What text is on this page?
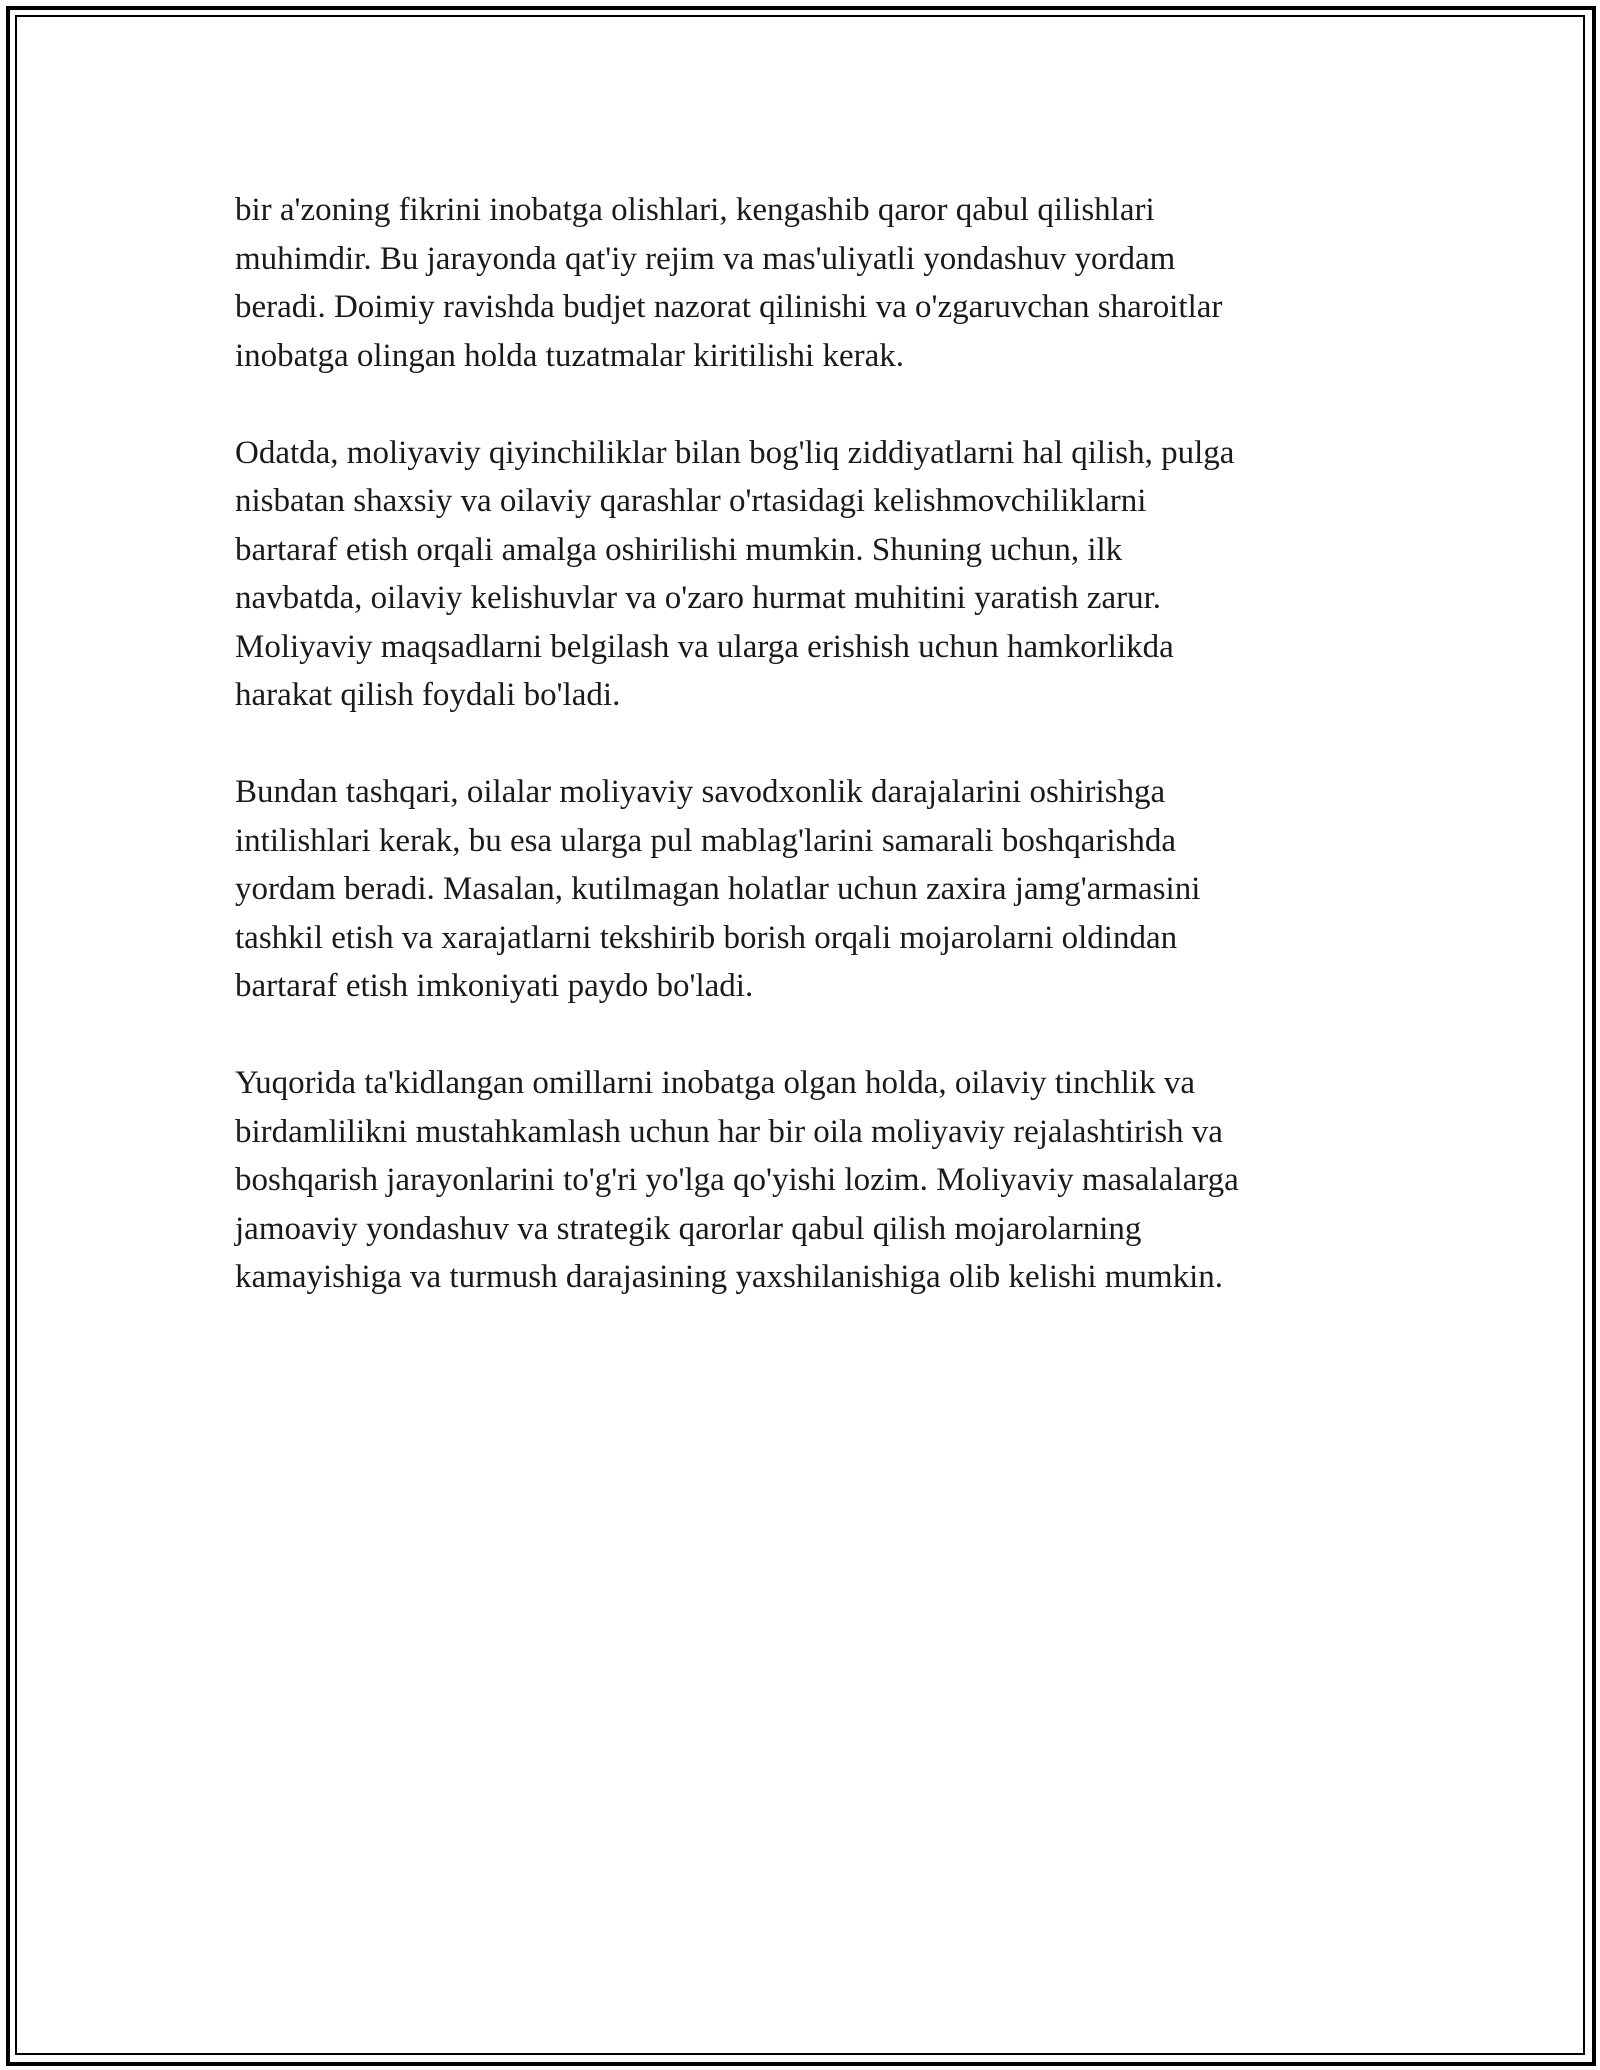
bir a'zoning fikrini inobatga olishlari, kengashib qaror qabul qilishlari
muhimdir. Bu jarayonda qat'iy rejim va mas'uliyatli yondashuv yordam
beradi. Doimiy ravishda budjet nazorat qilinishi va o'zgaruvchan sharoitlar
inobatga olingan holda tuzatmalar kiritilishi kerak.

Odatda, moliyaviy qiyinchiliklar bilan bog'liq ziddiyatlarni hal qilish, pulga
nisbatan shaxsiy va oilaviy qarashlar o'rtasidagi kelishmovchiliklarni
bartaraf etish orqali amalga oshirilishi mumkin. Shuning uchun, ilk
navbatda, oilaviy kelishuvlar va o'zaro hurmat muhitini yaratish zarur.
Moliyaviy maqsadlarni belgilash va ularga erishish uchun hamkorlikda
harakat qilish foydali bo'ladi.

Bundan tashqari, oilalar moliyaviy savodxonlik darajalarini oshirishga
intilishlari kerak, bu esa ularga pul mablag'larini samarali boshqarishda
yordam beradi. Masalan, kutilmagan holatlar uchun zaxira jamg'armasini
tashkil etish va xarajatlarni tekshirib borish orqali mojarolarni oldindan
bartaraf etish imkoniyati paydo bo'ladi.

Yuqorida ta'kidlangan omillarni inobatga olgan holda, oilaviy tinchlik va
birdamlilikni mustahkamlash uchun har bir oila moliyaviy rejalashtirish va
boshqarish jarayonlarini to'g'ri yo'lga qo'yishi lozim. Moliyaviy masalalarga
jamoaviy yondashuv va strategik qarorlar qabul qilish mojarolarning
kamayishiga va turmush darajasining yaxshilanishiga olib kelishi mumkin.
